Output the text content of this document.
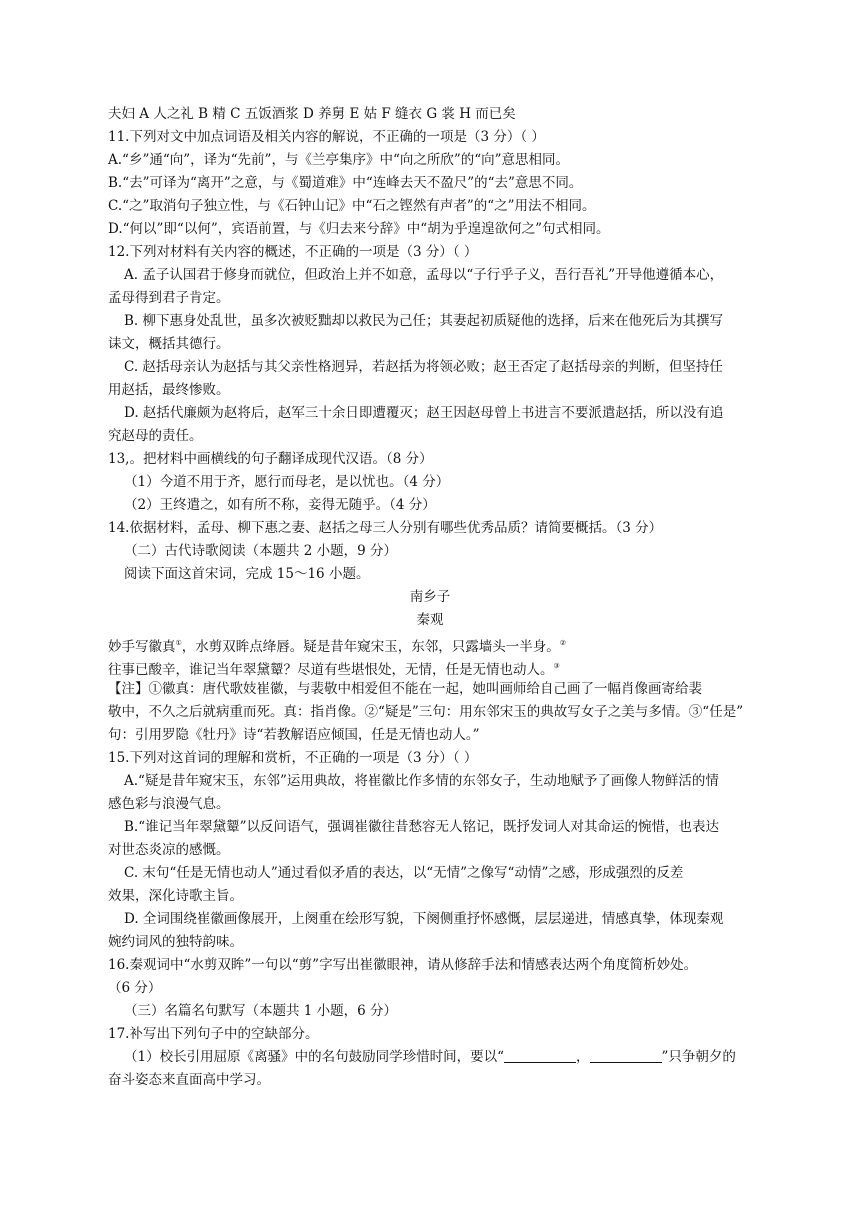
夫妇 A 人之礼 B 精 C 五饭酒浆 D 养舅 E 姑 F 缝衣 G 裳 H 而已矣
11.下列对文中加点词语及相关内容的解说，不正确的一项是（3 分）（ ）
A.“乡”通“向”，译为“先前”，与《兰亭集序》中“向之所欣”的“向”意思相同。
B.“去”可译为“离开”之意，与《蜀道难》中“连峰去天不盈尺”的“去”意思不同。
C.“之”取消句子独立性，与《石钟山记》中“石之铿然有声者”的“之”用法不相同。
D.“何以”即“以何”，宾语前置，与《归去来兮辞》中“胡为乎遑遑欲何之”句式相同。
12.下列对材料有关内容的概述，不正确的一项是（3 分）（ ）
A. 孟子认国君于修身而就位，但政治上并不如意，孟母以“子行乎子义，吾行吾礼”开导他遵循本心，
孟母得到君子肯定。
B. 柳下惠身处乱世，虽多次被贬黜却以救民为己任；其妻起初质疑他的选择，后来在他死后为其撰写
诔文，概括其德行。
C. 赵括母亲认为赵括与其父亲性格迥异，若赵括为将领必败；赵王否定了赵括母亲的判断，但坚持任
用赵括，最终惨败。
D. 赵括代廉颇为赵将后，赵军三十余日即遭覆灭；赵王因赵母曾上书进言不要派遣赵括，所以没有追
究赵母的责任。
13,。把材料中画横线的句子翻译成现代汉语。（8 分）
（1）今道不用于齐，愿行而母老，是以忧也。（4 分）
（2）王终遣之，如有所不称，妾得无随乎。（4 分）
14.依据材料，孟母、柳下惠之妻、赵括之母三人分别有哪些优秀品质？请简要概括。（3 分）
（二）古代诗歌阅读（本题共 2 小题，9 分）
阅读下面这首宋词，完成 15～16 小题。
南乡子
秦观
妙手写徽真①，水剪双眸点绛唇。疑是昔年窥宋玉，东邻，只露墙头一半身。②
往事已酸辛，谁记当年翠黛颦？尽道有些堪恨处，无情，任是无情也动人。③
【注】①徽真：唐代歌妓崔徽，与裴敬中相爱但不能在一起，她叫画师给自己画了一幅肖像画寄给裴
敬中，不久之后就病重而死。真：指肖像。②“疑是”三句：用东邻宋玉的典故写女子之美与多情。③“任是”
句：引用罗隐《牡丹》诗“若教解语应倾国，任是无情也动人。”
15.下列对这首词的理解和赏析，不正确的一项是（3 分）（ ）
A.“疑是昔年窥宋玉，东邻”运用典故，将崔徽比作多情的东邻女子，生动地赋予了画像人物鲜活的情
感色彩与浪漫气息。
B.“谁记当年翠黛颦”以反问语气，强调崔徽往昔愁容无人铭记，既抒发词人对其命运的惋惜，也表达
对世态炎凉的感慨。
C. 末句“任是无情也动人”通过看似矛盾的表达，以“无情”之像写“动情”之感，形成强烈的反差
效果，深化诗歌主旨。
D. 全词围绕崔徽画像展开，上阕重在绘形写貌，下阕侧重抒怀感慨，层层递进，情感真挚，体现秦观
婉约词风的独特韵味。
16.秦观词中“水剪双眸”一句以“剪”字写出崔徽眼神，请从修辞手法和情感表达两个角度简析妙处。
（6 分）
（三）名篇名句默写（本题共 1 小题，6 分）
17.补写出下列句子中的空缺部分。
（1）校长引用屈原《离骚》中的名句鼓励同学珍惜时间，要以“	，	”只争朝夕的
奋斗姿态来直面高中学习。
